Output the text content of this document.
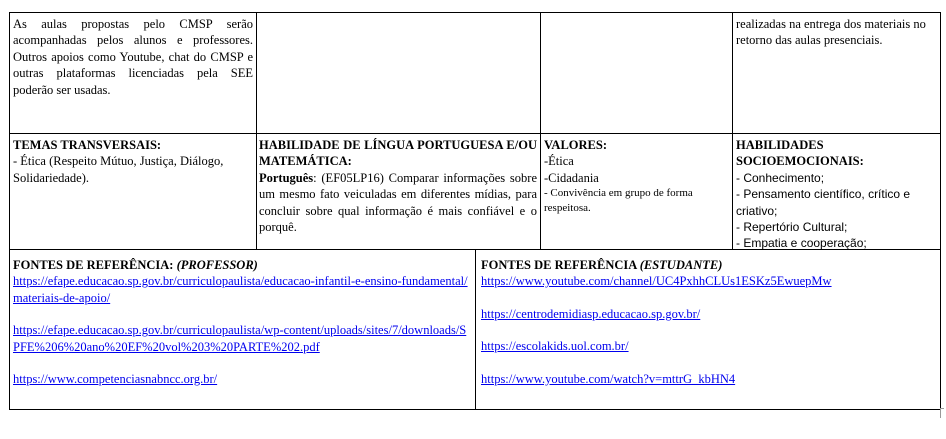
As aulas propostas pelo CMSP serão acompanhadas pelos alunos e professores. Outros apoios como Youtube, chat do CMSP e outras plataformas licenciadas pela SEE poderão ser usadas.
realizadas na entrega dos materiais no retorno das aulas presenciais.
TEMAS TRANSVERSAIS:
- Ética (Respeito Mútuo, Justiça, Diálogo, Solidariedade).
HABILIDADE DE LÍNGUA PORTUGUESA E/OU MATEMÁTICA:
Português: (EF05LP16) Comparar informações sobre um mesmo fato veiculadas em diferentes mídias, para concluir sobre qual informação é mais confiável e o porquê.
VALORES:
-Ética
-Cidadania
- Convivência em grupo de forma respeitosa.
HABILIDADES SOCIOEMOCIONAIS:
- Conhecimento;
- Pensamento científico, crítico e criativo;
- Repertório Cultural;
- Empatia e cooperação;
FONTES DE REFERÊNCIA: (PROFESSOR)
https://efape.educacao.sp.gov.br/curriculopaulista/educacao-infantil-e-ensino-fundamental/materiais-de-apoio/
https://efape.educacao.sp.gov.br/curriculopaulista/wp-content/uploads/sites/7/downloads/SPFE%206%20ano%20EF%20vol%203%20PARTE%202.pdf
https://www.competenciasnabncc.org.br/
FONTES DE REFERÊNCIA (ESTUDANTE)
https://www.youtube.com/channel/UC4PxhhCLUs1ESKz5EwuepMw
https://centrodemidiasp.educacao.sp.gov.br/
https://escolakids.uol.com.br/
https://www.youtube.com/watch?v=mttrG_kbHN4
